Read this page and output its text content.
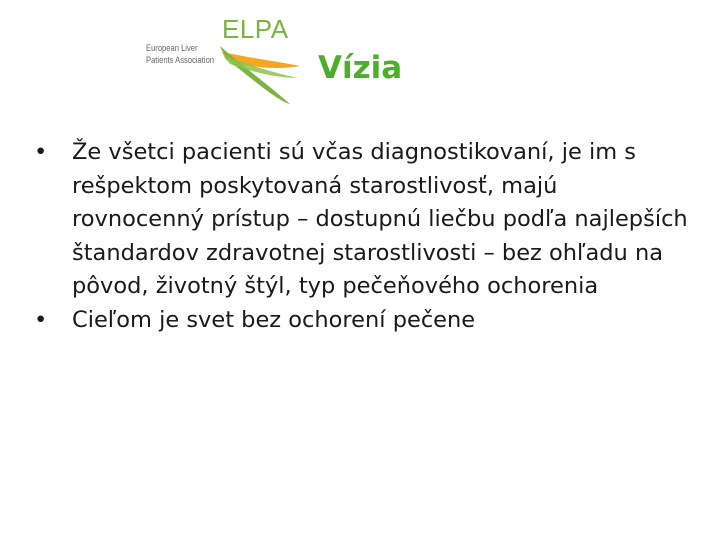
ELPA
European Liver
Patients Association	Vízia
• Že všetci pacienti sú včas diagnostikovaní, je im s rešpektom poskytovaná starostlivosť, majú rovnocenný prístup – dostupnú liečbu podľa najlepších štandardov zdravotnej starostlivosti – bez ohľadu na pôvod, životný štýl, typ pečeňového ochorenia
• Cieľom je svet bez ochorení pečene
